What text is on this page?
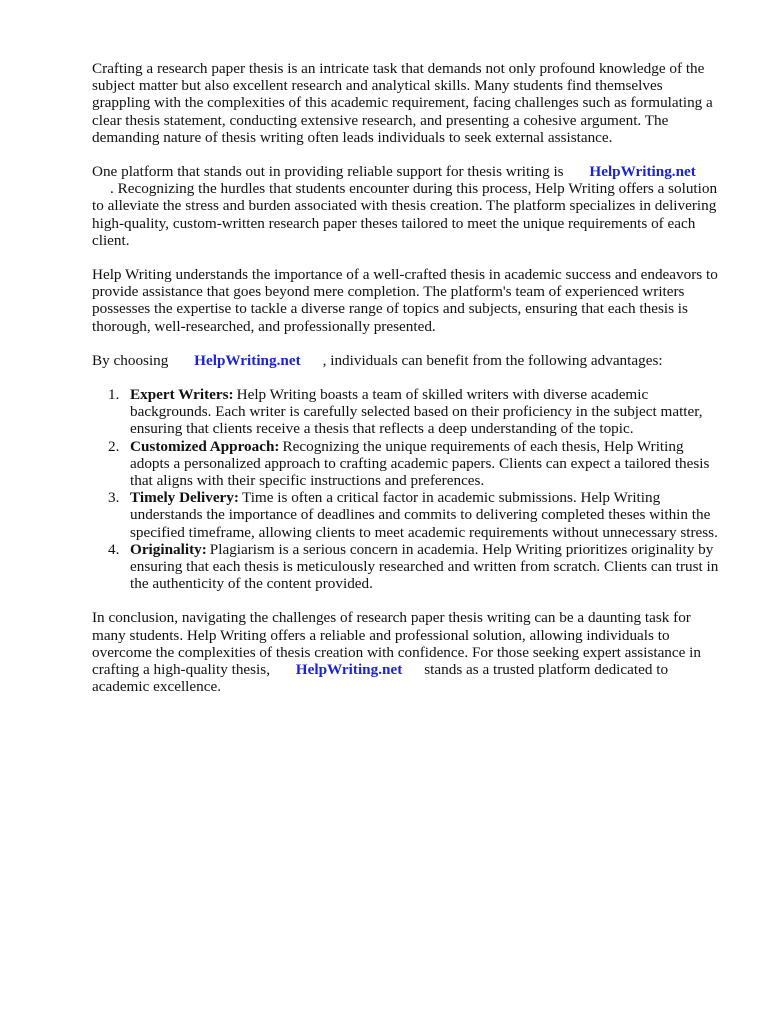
Crafting a research paper thesis is an intricate task that demands not only profound knowledge of the subject matter but also excellent research and analytical skills. Many students find themselves grappling with the complexities of this academic requirement, facing challenges such as formulating a clear thesis statement, conducting extensive research, and presenting a cohesive argument. The demanding nature of thesis writing often leads individuals to seek external assistance.

One platform that stands out in providing reliable support for thesis writing is HelpWriting.net
. Recognizing the hurdles that students encounter during this process, Help Writing offers a solution to alleviate the stress and burden associated with thesis creation. The platform specializes in delivering high-quality, custom-written research paper theses tailored to meet the unique requirements of each client.

Help Writing understands the importance of a well-crafted thesis in academic success and endeavors to provide assistance that goes beyond mere completion. The platform's team of experienced writers possesses the expertise to tackle a diverse range of topics and subjects, ensuring that each thesis is thorough, well-researched, and professionally presented.

By choosing HelpWriting.net , individuals can benefit from the following advantages:

1. Expert Writers: Help Writing boasts a team of skilled writers with diverse academic backgrounds. Each writer is carefully selected based on their proficiency in the subject matter, ensuring that clients receive a thesis that reflects a deep understanding of the topic.
2. Customized Approach: Recognizing the unique requirements of each thesis, Help Writing adopts a personalized approach to crafting academic papers. Clients can expect a tailored thesis that aligns with their specific instructions and preferences.
3. Timely Delivery: Time is often a critical factor in academic submissions. Help Writing understands the importance of deadlines and commits to delivering completed theses within the specified timeframe, allowing clients to meet academic requirements without unnecessary stress.
4. Originality: Plagiarism is a serious concern in academia. Help Writing prioritizes originality by ensuring that each thesis is meticulously researched and written from scratch. Clients can trust in the authenticity of the content provided.

In conclusion, navigating the challenges of research paper thesis writing can be a daunting task for many students. Help Writing offers a reliable and professional solution, allowing individuals to overcome the complexities of thesis creation with confidence. For those seeking expert assistance in crafting a high-quality thesis, HelpWriting.net stands as a trusted platform dedicated to academic excellence.
